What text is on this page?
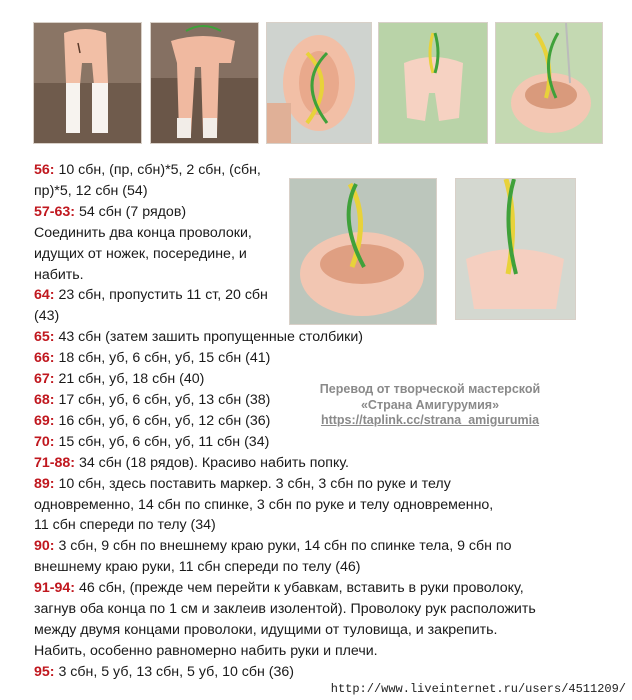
56: 10 сбн, (пр, сбн)*5, 2 сбн, (сбн, пр)*5, 12 сбн (54)
57-63: 54 сбн (7 рядов)
Соединить два конца проволоки, идущих от ножек, посередине, и набить.
64: 23 сбн, пропустить 11 ст, 20 сбн (43)
65: 43 сбн (затем зашить пропущенные столбики)
66: 18 сбн, уб, 6 сбн, уб, 15 сбн (41)
67: 21 сбн, уб, 18 сбн (40)
68: 17 сбн, уб, 6 сбн, уб, 13 сбн (38)
69: 16 сбн, уб, 6 сбн, уб, 12 сбн (36)
70: 15 сбн, уб, 6 сбн, уб, 11 сбн (34)
71-88: 34 сбн (18 рядов). Красиво набить попку.
89: 10 сбн, здесь поставить маркер. 3 сбн, 3 сбн по руке и телу
одновременно, 14 сбн по спинке, 3 сбн по руке и телу одновременно,
11 сбн спереди по телу (34)
90: 3 сбн, 9 сбн по внешнему краю руки, 14 сбн по спинке тела, 9 сбн по
внешнему краю руки, 11 сбн спереди по телу (46)
91-94: 46 сбн, (прежде чем перейти к убавкам, вставить в руки проволоку,
загнув оба конца по 1 см и заклеив изолентой). Проволоку рук расположить
между двумя концами проволоки, идущими от туловища, и закрепить.
Набить, особенно равномерно набить руки и плечи.
95: 3 сбн, 5 уб, 13 сбн, 5 уб, 10 сбн (36)
Перевод от творческой мастерской
«Страна Амигурумия»
https://taplink.cc/strana_amigurumia
http://www.liveinternet.ru/users/4511209/
